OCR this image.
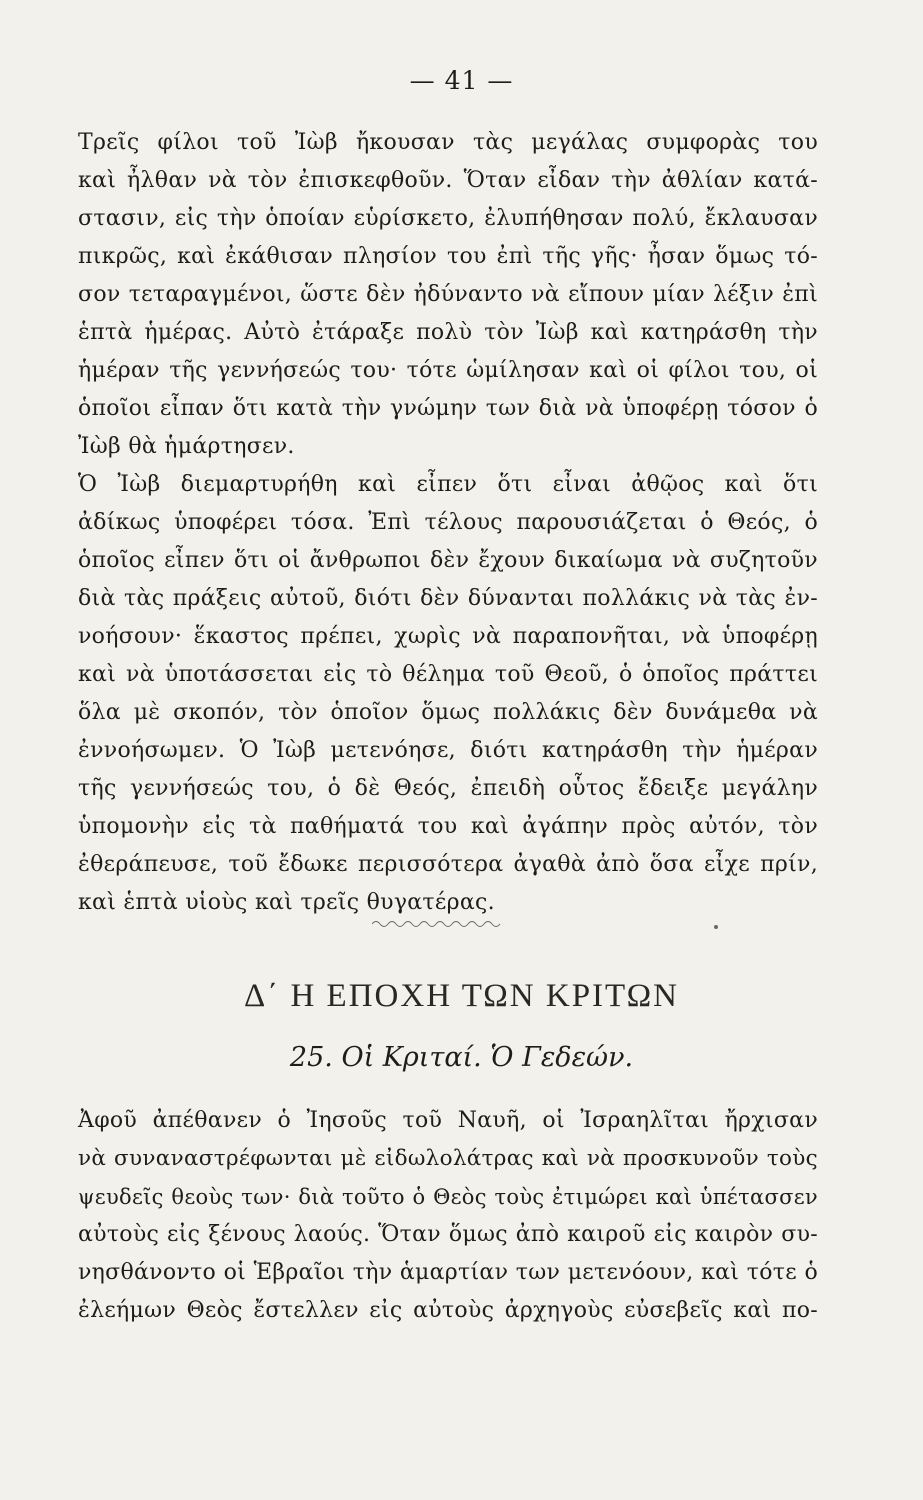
— 41 —
Τρεῖς φίλοι τοῦ Ἰὼβ ἤκουσαν τὰς μεγάλας συμφορὰς του
καὶ ἦλθαν νὰ τὸν ἐπισκεφθοῦν. Ὅταν εἶδαν τὴν ἀθλίαν κατά-
στασιν, εἰς τὴν ὁποίαν εὑρίσκετο, ἐλυπήθησαν πολύ, ἔκλαυσαν
πικρῶς, καὶ ἐκάθισαν πλησίον του ἐπὶ τῆς γῆς· ἦσαν ὅμως τό-
σον τεταραγμένοι, ὥστε δὲν ἠδύναντο νὰ εἴπουν μίαν λέξιν ἐπὶ
ἑπτὰ ἡμέρας. Αὐτὸ ἐτάραξε πολὺ τὸν Ἰὼβ καὶ κατηράσθη τὴν
ἡμέραν τῆς γεννήσεώς του· τότε ὡμίλησαν καὶ οἱ φίλοι του, οἱ
ὁποῖοι εἶπαν ὅτι κατὰ τὴν γνώμην των διὰ νὰ ὑποφέρῃ τόσον ὁ
Ἰὼβ θὰ ἡμάρτησεν.
Ὁ Ἰὼβ διεμαρτυρήθη καὶ εἶπεν ὅτι εἶναι ἀθῷος καὶ ὅτι
ἀδίκως ὑποφέρει τόσα. Ἐπὶ τέλους παρουσιάζεται ὁ Θεός, ὁ
ὁποῖος εἶπεν ὅτι οἱ ἄνθρωποι δὲν ἔχουν δικαίωμα νὰ συζητοῦν
διὰ τὰς πράξεις αὐτοῦ, διότι δὲν δύνανται πολλάκις νὰ τὰς ἐν-
νοήσουν· ἕκαστος πρέπει, χωρὶς νὰ παραπονῆται, νὰ ὑποφέρῃ
καὶ νὰ ὑποτάσσεται εἰς τὸ θέλημα τοῦ Θεοῦ, ὁ ὁποῖος πράττει
ὅλα μὲ σκοπόν, τὸν ὁποῖον ὅμως πολλάκις δὲν δυνάμεθα νὰ
ἐννοήσωμεν. Ὁ Ἰὼβ μετενόησε, διότι κατηράσθη τὴν ἡμέραν
τῆς γεννήσεώς του, ὁ δὲ Θεός, ἐπειδὴ οὗτος ἔδειξε μεγάλην
ὑπομονὴν εἰς τὰ παθήματά του καὶ ἀγάπην πρὸς αὐτόν, τὸν
ἐθεράπευσε, τοῦ ἔδωκε περισσότερα ἀγαθὰ ἀπὸ ὅσα εἶχε πρίν,
καὶ ἑπτὰ υἱοὺς καὶ τρεῖς θυγατέρας.
Δ΄ Η ΕΠΟΧΗ ΤΩΝ ΚΡΙΤΩΝ
25. Οἱ Κριταί. Ὁ Γεδεών.
Ἀφοῦ ἀπέθανεν ὁ Ἰησοῦς τοῦ Ναυῆ, οἱ Ἰσραηλῖται ἤρχισαν
νὰ συναναστρέφωνται μὲ εἰδωλολάτρας καὶ νὰ προσκυνοῦν τοὺς
ψευδεῖς θεοὺς των· διὰ τοῦτο ὁ Θεὸς τοὺς ἐτιμώρει καὶ ὑπέτασσεν
αὐτοὺς εἰς ξένους λαούς. Ὅταν ὅμως ἀπὸ καιροῦ εἰς καιρὸν συ-
νησθάνοντο οἱ Ἑβραῖοι τὴν ἁμαρτίαν των μετενόουν, καὶ τότε ὁ
ἐλεήμων Θεὸς ἔστελλεν εἰς αὐτοὺς ἀρχηγοὺς εὐσεβεῖς καὶ πο-
